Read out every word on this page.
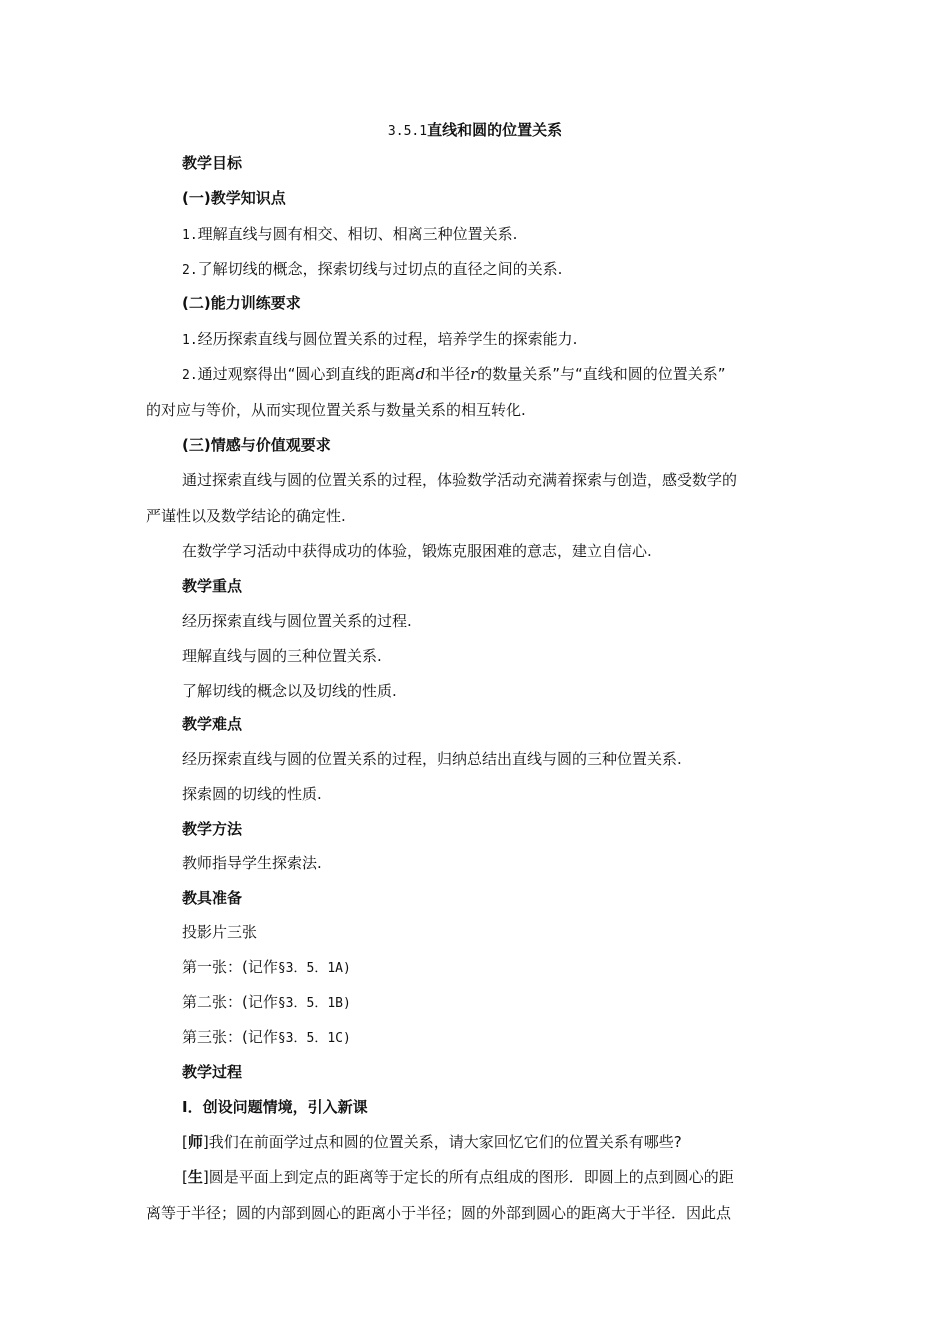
3.5.1直线和圆的位置关系
教学目标
(一)教学知识点
1.理解直线与圆有相交、相切、相离三种位置关系.
2.了解切线的概念，探索切线与过切点的直径之间的关系.
(二)能力训练要求
1.经历探索直线与圆位置关系的过程，培养学生的探索能力.
2.通过观察得出“圆心到直线的距离d和半径r的数量关系”与“直线和圆的位置关系”
的对应与等价，从而实现位置关系与数量关系的相互转化.
(三)情感与价值观要求
通过探索直线与圆的位置关系的过程，体验数学活动充满着探索与创造，感受数学的
严谨性以及数学结论的确定性.
在数学学习活动中获得成功的体验，锻炼克服困难的意志，建立自信心.
教学重点
经历探索直线与圆位置关系的过程.
理解直线与圆的三种位置关系.
了解切线的概念以及切线的性质.
教学难点
经历探索直线与圆的位置关系的过程，归纳总结出直线与圆的三种位置关系.
探索圆的切线的性质.
教学方法
教师指导学生探索法.
教具准备
投影片三张
第一张：(记作§3．5．1A)
第二张：(记作§3．5．1B)
第三张：(记作§3．5．1C)
教学过程
Ⅰ．创设问题情境，引入新课
[师]我们在前面学过点和圆的位置关系，请大家回忆它们的位置关系有哪些?
[生]圆是平面上到定点的距离等于定长的所有点组成的图形．即圆上的点到圆心的距
离等于半径；圆的内部到圆心的距离小于半径；圆的外部到圆心的距离大于半径．因此点
